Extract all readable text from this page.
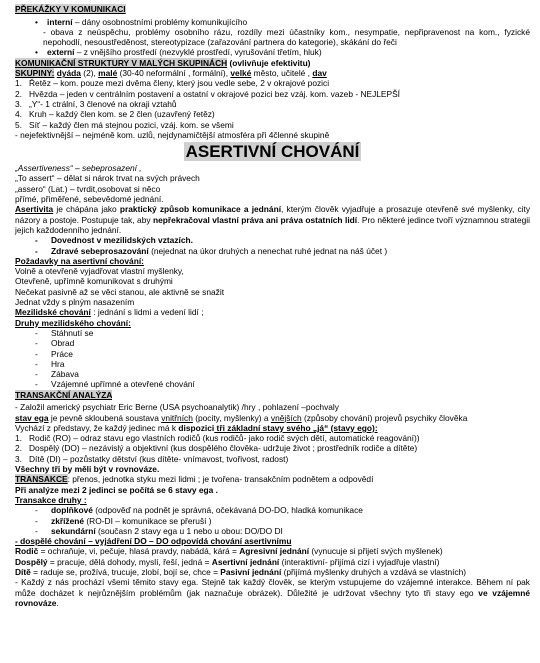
PŘEKÁŽKY V KOMUNIKACI
• interní – dány osobnostními problémy komunikujícího
- obava z neúspěchu, problémy osobního rázu, rozdíly mezi účastníky kom., nesympatie, nepřipravenost na kom., fyzické nepohodlí, nesoustředěnost, stereotypizace (zařazování partnera do kategorie), skákání do řeči
• externí – z vnějšího prostředí (nezvyklé prostředí, vyrušování třetím, hluk)
KOMUNIKAČNÍ STRUKTURY V MALÝCH SKUPINÁCH (ovlivňuje efektivitu)
SKUPINY: dyáda (2), malé (30-40 neformální , formální), velké město, učitelé , dav
1. Řetěz – kom. pouze mezi dvěma členy, který jsou vedle sebe, 2 v okrajové pozici
2. Hvězda – jeden v centrálním postavení a ostatní v okrajové pozici bez vzáj. kom. vazeb - NEJLEPŠÍ
3. „Y“- 1 ctrální, 3 členové na okraji vztahů
4. Kruh – každý člen kom. se 2 člen (uzavřený řetěz)
5. Síť – každý člen má stejnou pozici, vzáj. kom. se všemi
- nejefektivnější – nejméně kom. uzlů, nejdynamičtější atmosféra při 4členné skupině
ASERTIVNÍ CHOVÁNÍ
„Assertiveness“ – sebeprosazení ,
„To assert“ – dělat si nárok trvat na svých právech
„assero“ (Lat.) – tvrdit,osobovat si něco
přímé, přiměřené, sebevědomé jednání.
Asertivita je chápána jako praktický způsob komunikace a jednání, kterým člověk vyjadřuje a prosazuje otevřeně své myšlenky, city názory a postoje. Postupuje tak, aby nepřekračoval vlastní práva ani práva ostatních lidí. Pro některé jedince tvoří významnou strategii jejich každodenního jednání.
- Dovednost v mezilidských vztazích.
- Zdravé sebeprosazování (nejednat na úkor druhých a nenechat ruhé jednat na náš účet )
Požadavky na asertivní chování:
Volně a otevřeně vyjadřovat vlastní myšlenky,
Otevřeně, upřímně komunikovat s druhými
Nečekat pasivně až se věci stanou, ale aktivně se snažit
Jednat vždy s plným nasazením
Mezilidské chování : jednání s lidmi a vedení lidí ;
Druhy mezilidského chování:
- Stáhnutí se
- Obrad
- Práce
- Hra
- Zábava
- Vzájemné upřímné a otevřené chování
TRANSAKČNÍ ANALÝZA
- Založil americký psychiatr Eric Berne (USA psychoanalytik) /hry , pohlazení –pochvaly
stav ega je pevně skloubená soustava vnitřních (pocity, myšlenky) a vnějších (způsoby chování) projevů psychiky člověka
Vychází z představy, že každý jedinec má k dispozici tři základní stavy svého „já“ (stavy ego):
1. Rodič (RO) – odraz stavu ego vlastních rodičů (kus rodičů- jako rodič svých dětí, automatické reagování))
2. Dospělý (DO) – nezávislý a objektivní (kus dospělého člověka- udržuje život ; prostředník rodiče a dítěte)
3. Dítě (DI) – pozůstatky dětství (kus dítěte- vnímavost, tvořivost, radost)
Všechny tři by měli být v rovnováze.
TRANSAKCE: přenos, jednotka styku mezi lidmi ; je tvořena- transakčním podnětem a odpovědí
Při analýze mezi 2 jedinci se počítá se 6 stavy ega .
Transakce druhy :
- doplňkové (odpověď na podnět je správná, očekávaná DO-DO, hladká komunikace
- zkřížené (RO-DI – komunikace se přeruší )
- sekundární (současn 2 stavy ega u 1 nebo u obou: DO/DO DI
- dospělé chování – vyjádření DO – DO odpovídá chování asertivnímu
Rodič = ochraňuje, vi, pečuje, hlasá pravdy, nabádá, kárá = Agresivní jednání (vynucuje si přijetí svých myšlenek)
Dospělý = pracuje, dělá dohody, myslí, řeší, jedná = Asertivní jednání (interaktivní- přijímá cizí i vyjadřuje vlastní)
Dítě = raduje se, prožívá, trucuje, zlobí, bojí se, chce = Pasivní jednání (přijímá myšlenky druhých a vzdává se vlastních)
- Každý z nás prochází všemi těmito stavy ega. Stejně tak každý člověk, se kterým vstupujeme do vzájemné interakce. Během ní pak může docházet k nejrůznějším problémům (jak naznačuje obrázek). Důležité je udržovat všechny tyto tři stavy ego ve vzájemné rovnováze.
